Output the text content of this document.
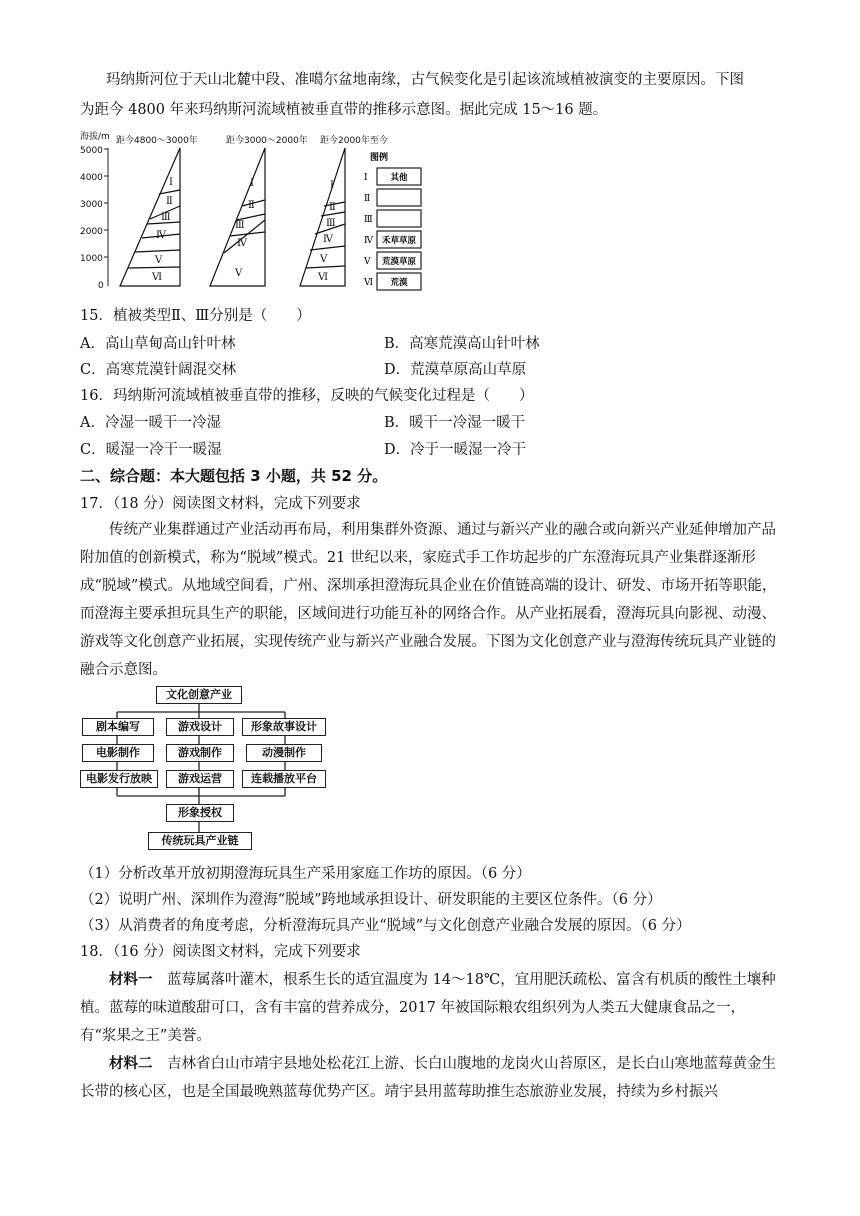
玛纳斯河位于天山北麓中段、准噶尔盆地南缘，古气候变化是引起该流域植被演变的主要原因。下图

为距今 4800 年来玛纳斯河流域植被垂直带的推移示意图。据此完成 15～16 题。

海拔/m
5000
4000
3000
2000
1000
0
距今4800～3000年	距今3000～2000年 距今2000年至今
Ⅰ
Ⅱ
Ⅲ
Ⅳ
Ⅴ
Ⅵ
Ⅰ
Ⅱ
Ⅲ
Ⅳ
Ⅴ
Ⅰ
Ⅱ
Ⅲ
Ⅳ
Ⅴ
Ⅵ
图例
Ⅰ	其他
Ⅱ
Ⅲ
Ⅳ 禾草草原
Ⅴ 荒漠草原
Ⅵ 荒漠

15．植被类型Ⅱ、Ⅲ分别是（　　）

A．高山草甸高山针叶林	B．高寒荒漠高山针叶林

C．高寒荒漠针阔混交林	D．荒漠草原高山草原

16．玛纳斯河流域植被垂直带的推移，反映的气候变化过程是（　　）

A．冷湿一暖干一冷湿	B．暖干一冷湿一暖干

C．暖湿一冷干一暖湿	D．冷于一暖湿一冷干

二、综合题：本大题包括 3 小题，共 52 分。

17．（18 分）阅读图文材料，完成下列要求

传统产业集群通过产业活动再布局，利用集群外资源、通过与新兴产业的融合或向新兴产业延伸增加产品附加值的创新模式，称为“脱域”模式。21 世纪以来，家庭式手工作坊起步的广东澄海玩具产业集群逐渐形成“脱域”模式。从地域空间看，广州、深圳承担澄海玩具企业在价值链高端的设计、研发、市场开拓等职能，而澄海主要承担玩具生产的职能，区域间进行功能互补的网络合作。从产业拓展看，澄海玩具向影视、动漫、游戏等文化创意产业拓展，实现传统产业与新兴产业融合发展。下图为文化创意产业与澄海传统玩具产业链的融合示意图。

文化创意产业
剧本编写
电影制作
电影发行放映
游戏设计
游戏制作
游戏运营
形象故事设计
动漫制作
连载播放平台
形象授权
传统玩具产业链

（1）分析改革开放初期澄海玩具生产采用家庭工作坊的原因。（6 分）

（2）说明广州、深圳作为澄海“脱域”跨地域承担设计、研发职能的主要区位条件。（6 分）

（3）从消费者的角度考虑，分析澄海玩具产业“脱域”与文化创意产业融合发展的原因。（6 分）

18．（16 分）阅读图文材料，完成下列要求

材料一　蓝莓属落叶灌木，根系生长的适宜温度为 14～18℃，宜用肥沃疏松、富含有机质的酸性土壤种植。蓝莓的味道酸甜可口，含有丰富的营养成分，2017 年被国际粮农组织列为人类五大健康食品之一，有“浆果之王”美誉。

材料二　吉林省白山市靖宇县地处松花江上游、长白山腹地的龙岗火山苔原区，是长白山寒地蓝莓黄金生长带的核心区，也是全国最晚熟蓝莓优势产区。靖宇县用蓝莓助推生态旅游业发展，持续为乡村振兴
